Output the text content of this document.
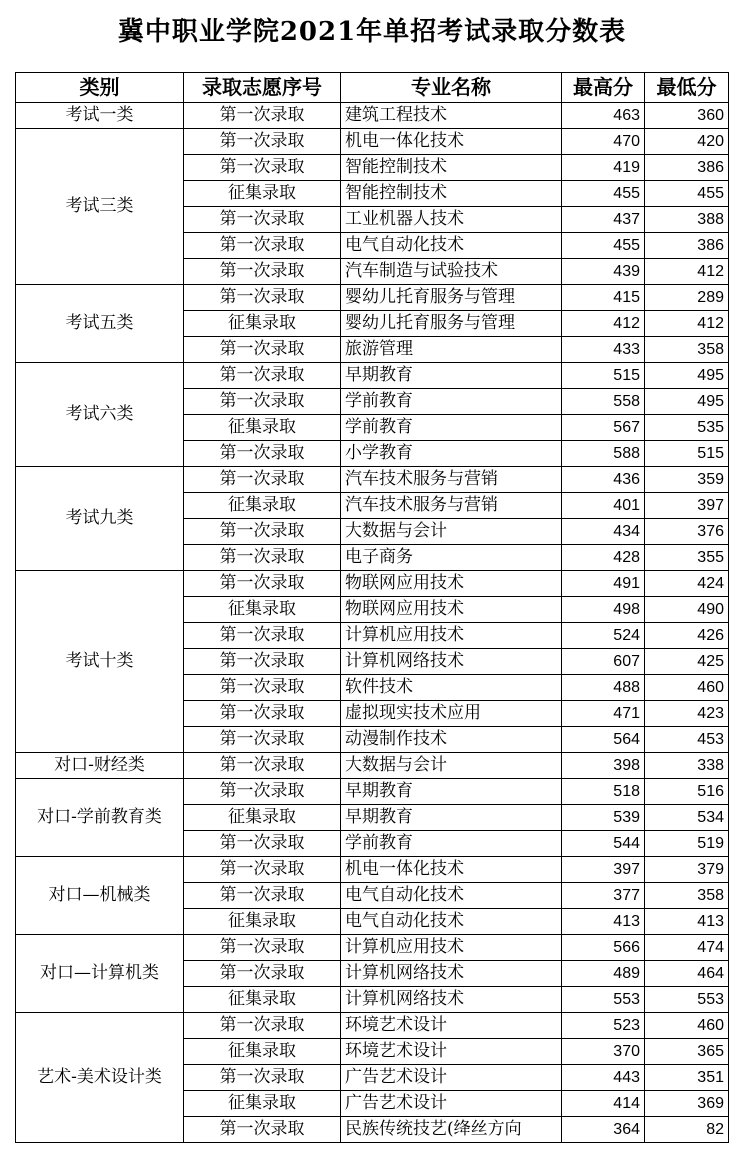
冀中职业学院2021年单招考试录取分数表
类别	录取志愿序号	专业名称	最高分	最低分
考试一类	第一次录取	建筑工程技术	463	360
考试三类	第一次录取	机电一体化技术	470	420
	第一次录取	智能控制技术	419	386
	征集录取	智能控制技术	455	455
	第一次录取	工业机器人技术	437	388
	第一次录取	电气自动化技术	455	386
	第一次录取	汽车制造与试验技术	439	412
考试五类	第一次录取	婴幼儿托育服务与管理	415	289
	征集录取	婴幼儿托育服务与管理	412	412
	第一次录取	旅游管理	433	358
考试六类	第一次录取	早期教育	515	495
	第一次录取	学前教育	558	495
	征集录取	学前教育	567	535
	第一次录取	小学教育	588	515
考试九类	第一次录取	汽车技术服务与营销	436	359
	征集录取	汽车技术服务与营销	401	397
	第一次录取	大数据与会计	434	376
	第一次录取	电子商务	428	355
考试十类	第一次录取	物联网应用技术	491	424
	征集录取	物联网应用技术	498	490
	第一次录取	计算机应用技术	524	426
	第一次录取	计算机网络技术	607	425
	第一次录取	软件技术	488	460
	第一次录取	虚拟现实技术应用	471	423
	第一次录取	动漫制作技术	564	453
对口-财经类	第一次录取	大数据与会计	398	338
对口-学前教育类	第一次录取	早期教育	518	516
	征集录取	早期教育	539	534
	第一次录取	学前教育	544	519
对口—机械类	第一次录取	机电一体化技术	397	379
	第一次录取	电气自动化技术	377	358
	征集录取	电气自动化技术	413	413
对口—计算机类	第一次录取	计算机应用技术	566	474
	第一次录取	计算机网络技术	489	464
	征集录取	计算机网络技术	553	553
艺术-美术设计类	第一次录取	环境艺术设计	523	460
	征集录取	环境艺术设计	370	365
	第一次录取	广告艺术设计	443	351
	征集录取	广告艺术设计	414	369
	第一次录取	民族传统技艺(绛丝方向	364	82
